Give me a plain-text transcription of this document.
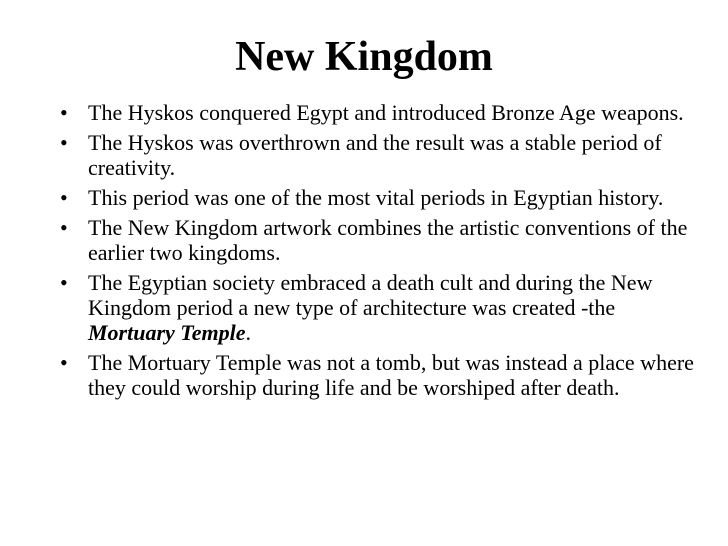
New Kingdom
• The Hyskos conquered Egypt and introduced Bronze Age weapons.
• The Hyskos was overthrown and the result was a stable period of creativity.
• This period was one of the most vital periods in Egyptian history.
• The New Kingdom artwork combines the artistic conventions of the earlier two kingdoms.
• The Egyptian society embraced a death cult and during the New Kingdom period a new type of architecture was created -the Mortuary Temple.
• The Mortuary Temple was not a tomb, but was instead a place where they could worship during life and be worshiped after death.
